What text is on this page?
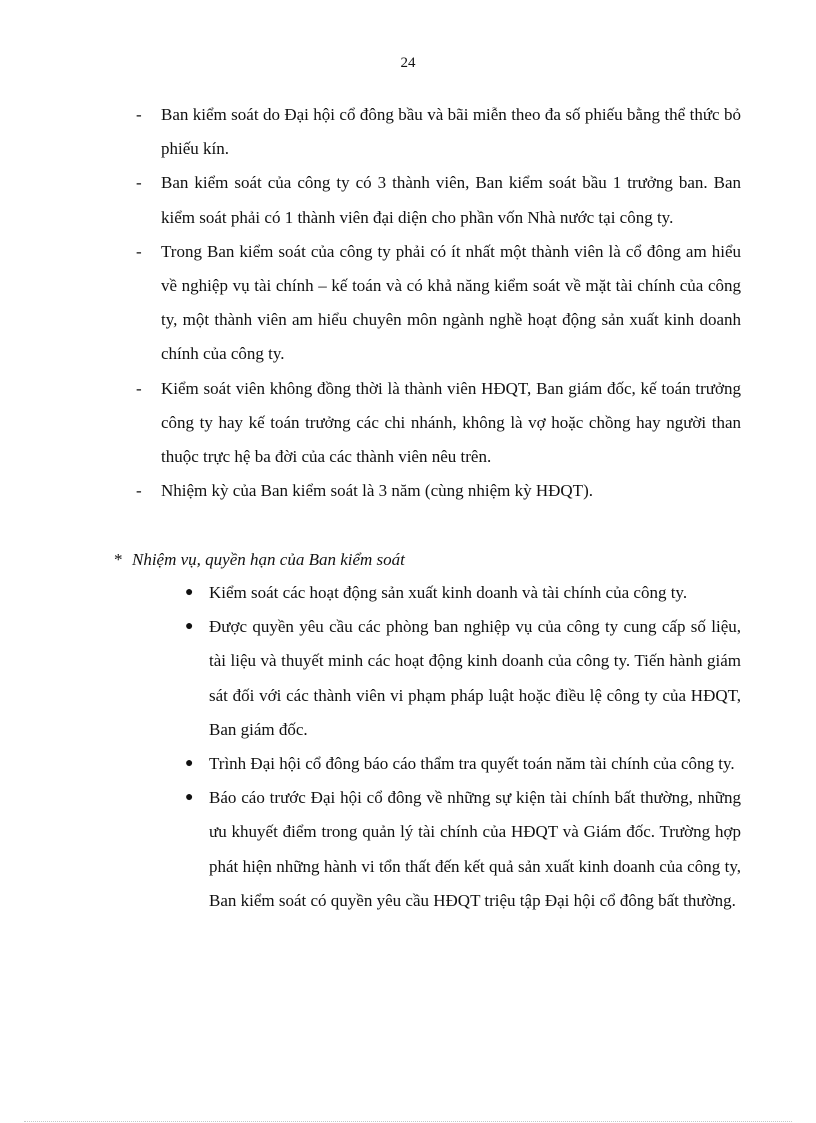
24
- Ban kiểm soát do Đại hội cổ đông bầu và bãi miễn theo đa số phiếu bằng thể thức bỏ phiếu kín.
- Ban kiểm soát của công ty có 3 thành viên, Ban kiểm soát bầu 1 trưởng ban. Ban kiểm soát phải có 1 thành viên đại diện cho phần vốn Nhà nước tại công ty.
- Trong Ban kiểm soát của công ty phải có ít nhất một thành viên là cổ đông am hiểu về nghiệp vụ tài chính – kế toán và có khả năng kiểm soát về mặt tài chính của công ty, một thành viên am hiểu chuyên môn ngành nghề hoạt động sản xuất kinh doanh chính của công ty.
- Kiểm soát viên không đồng thời là thành viên HĐQT, Ban giám đốc, kế toán trưởng công ty hay kế toán trưởng các chi nhánh, không là vợ hoặc chồng hay người than thuộc trực hệ ba đời của các thành viên nêu trên.
- Nhiệm kỳ của Ban kiểm soát là 3 năm (cùng nhiệm kỳ HĐQT).
* Nhiệm vụ, quyền hạn của Ban kiểm soát
● Kiểm soát các hoạt động sản xuất kinh doanh và tài chính của công ty.
● Được quyền yêu cầu các phòng ban nghiệp vụ của công ty cung cấp số liệu, tài liệu và thuyết minh các hoạt động kinh doanh của công ty. Tiến hành giám sát đối với các thành viên vi phạm pháp luật hoặc điều lệ công ty của HĐQT, Ban giám đốc.
● Trình Đại hội cổ đông báo cáo thẩm tra quyết toán năm tài chính của công ty.
● Báo cáo trước Đại hội cổ đông về những sự kiện tài chính bất thường, những ưu khuyết điểm trong quản lý tài chính của HĐQT và Giám đốc. Trường hợp phát hiện những hành vi tổn thất đến kết quả sản xuất kinh doanh của công ty, Ban kiểm soát có quyền yêu cầu HĐQT triệu tập Đại hội cổ đông bất thường.
